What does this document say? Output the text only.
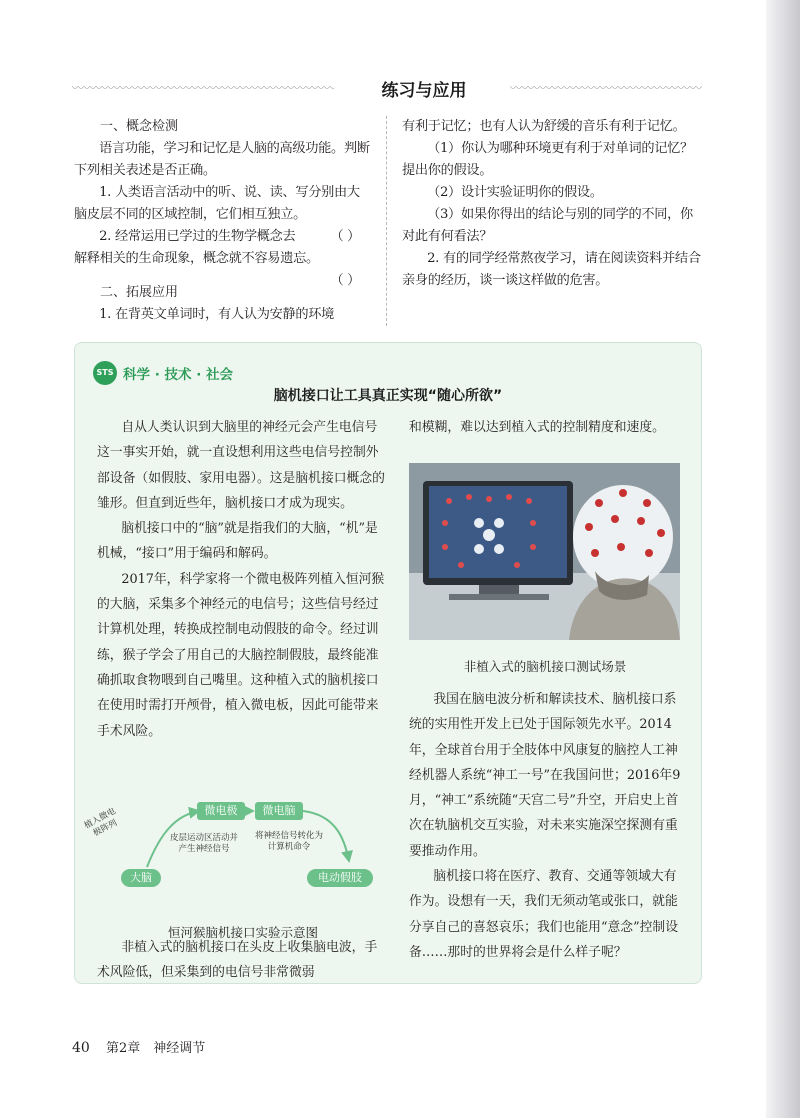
练习与应用

一、概念检测

语言功能，学习和记忆是人脑的高级功能。判断下列相关表述是否正确。

1. 人类语言活动中的听、说、读、写分别由大脑皮层不同的区域控制，它们相互独立。
（ ）

2. 经常运用已学过的生物学概念去解释相关的生命现象，概念就不容易遗忘。
（ ）

二、拓展应用

1. 在背英文单词时，有人认为安静的环境

有利于记忆；也有人认为舒缓的音乐有利于记忆。

（1）你认为哪种环境更有利于对单词的记忆？提出你的假设。

（2）设计实验证明你的假设。

（3）如果你得出的结论与别的同学的不同，你对此有何看法？

2. 有的同学经常熬夜学习，请在阅读资料并结合亲身的经历，谈一谈这样做的危害。

STS 科学 · 技术 · 社会
脑机接口让工具真正实现“随心所欲”

自从人类认识到大脑里的神经元会产生电信号这一事实开始，就一直设想利用这些电信号控制外部设备（如假肢、家用电器）。这是脑机接口概念的雏形。但直到近些年，脑机接口才成为现实。

脑机接口中的“脑”就是指我们的大脑，“机”是机械，“接口”用于编码和解码。

2017年，科学家将一个微电极阵列植入恒河猴的大脑，采集多个神经元的电信号；这些信号经过计算机处理，转换成控制电动假肢的命令。经过训练，猴子学会了用自己的大脑控制假肢，最终能准确抓取食物喂到自己嘴里。这种植入式的脑机接口在使用时需打开颅骨，植入微电板，因此可能带来手术风险。

微电极	微电脑
大脑	电动假肢
植入微电极阵列	皮层运动区活动并产生神经信号
将神经信号转化为计算机命令
恒河猴脑机接口实验示意图

非植入式的脑机接口在头皮上收集脑电波，手术风险低，但采集到的电信号非常微弱

和模糊，难以达到植入式的控制精度和速度。

非植入式的脑机接口测试场景

我国在脑电波分析和解读技术、脑机接口系统的实用性开发上已处于国际领先水平。2014年，全球首台用于全肢体中风康复的脑控人工神经机器人系统“神工一号”在我国问世；2016年9月，“神工”系统随“天宫二号”升空，开启史上首次在轨脑机交互实验，对未来实施深空探测有重要推动作用。

脑机接口将在医疗、教育、交通等领域大有作为。设想有一天，我们无须动笔或张口，就能分享自己的喜怒哀乐；我们也能用“意念”控制设备……那时的世界将会是什么样子呢？

40 第2章　神经调节
